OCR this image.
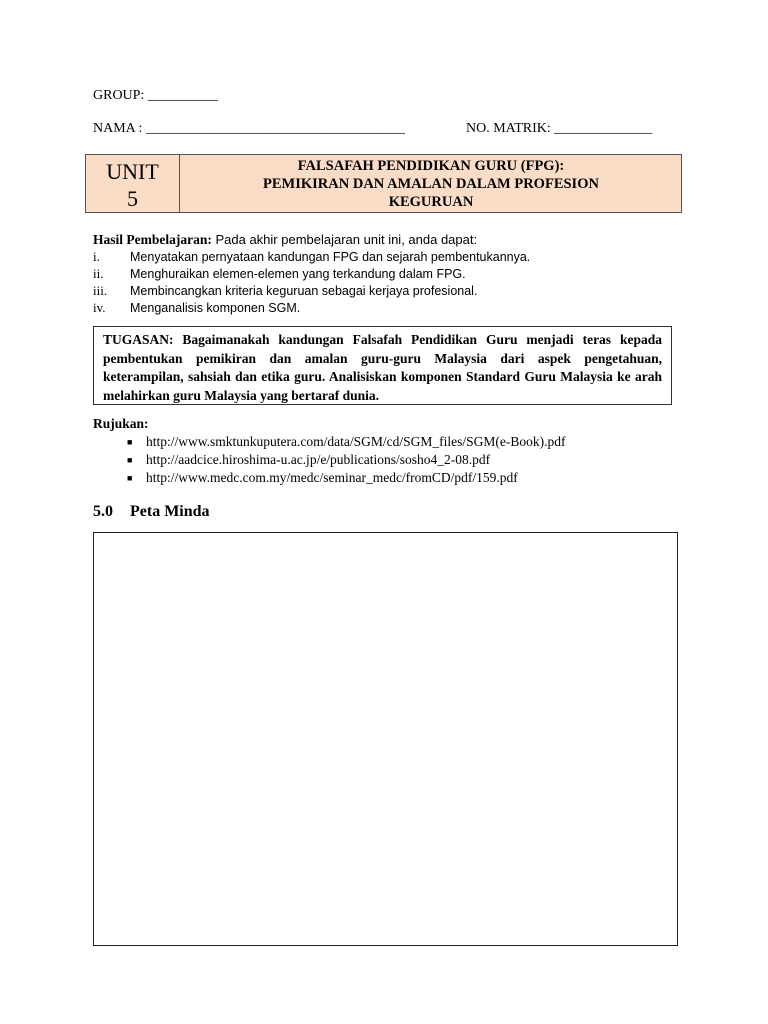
GROUP: __________
NAMA : _____________________________________	NO. MATRIK: ______________
UNIT
5
FALSAFAH PENDIDIKAN GURU (FPG):
PEMIKIRAN DAN AMALAN DALAM PROFESION
KEGURUAN
Hasil Pembelajaran: Pada akhir pembelajaran unit ini, anda dapat:
i. Menyatakan pernyataan kandungan FPG dan sejarah pembentukannya.
ii. Menghuraikan elemen-elemen yang terkandung dalam FPG.
iii. Membincangkan kriteria keguruan sebagai kerjaya profesional.
iv. Menganalisis komponen SGM.
TUGASAN: Bagaimanakah kandungan Falsafah Pendidikan Guru menjadi teras kepada pembentukan pemikiran dan amalan guru-guru Malaysia dari aspek pengetahuan, keterampilan, sahsiah dan etika guru. Analisiskan komponen Standard Guru Malaysia ke arah melahirkan guru Malaysia yang bertaraf dunia.
Rujukan:
■ http://www.smktunkuputera.com/data/SGM/cd/SGM_files/SGM(e-Book).pdf
■ http://aadcice.hiroshima-u.ac.jp/e/publications/sosho4_2-08.pdf
■ http://www.medc.com.my/medc/seminar_medc/fromCD/pdf/159.pdf
5.0 Peta Minda
